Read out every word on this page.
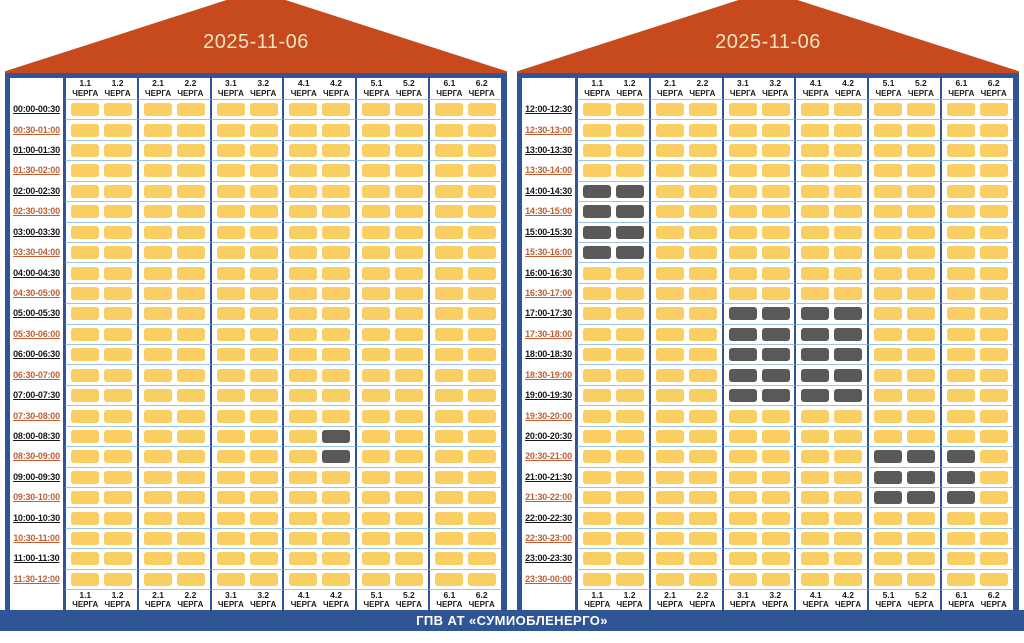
2025-11-06
1.1
ЧЕРГА
1.2
ЧЕРГА
2.1
ЧЕРГА
2.2
ЧЕРГА
3.1
ЧЕРГА
3.2
ЧЕРГА
4.1
ЧЕРГА
4.2
ЧЕРГА
5.1
ЧЕРГА
5.2
ЧЕРГА
6.1
ЧЕРГА
6.2
ЧЕРГА
00:00-00:30
00:30-01:00
01:00-01:30
01:30-02:00
02:00-02:30
02:30-03:00
03:00-03:30
03:30-04:00
04:00-04:30
04:30-05:00
05:00-05:30
05:30-06:00
06:00-06:30
06:30-07:00
07:00-07:30
07:30-08:00
08:00-08:30
08:30-09:00
09:00-09:30
09:30-10:00
10:00-10:30
10:30-11:00
11:00-11:30
11:30-12:00
1.1
ЧЕРГА
1.2
ЧЕРГА
2.1
ЧЕРГА
2.2
ЧЕРГА
3.1
ЧЕРГА
3.2
ЧЕРГА
4.1
ЧЕРГА
4.2
ЧЕРГА
5.1
ЧЕРГА
5.2
ЧЕРГА
6.1
ЧЕРГА
6.2
ЧЕРГА
2025-11-06
1.1
ЧЕРГА
1.2
ЧЕРГА
2.1
ЧЕРГА
2.2
ЧЕРГА
3.1
ЧЕРГА
3.2
ЧЕРГА
4.1
ЧЕРГА
4.2
ЧЕРГА
5.1
ЧЕРГА
5.2
ЧЕРГА
6.1
ЧЕРГА
6.2
ЧЕРГА
12:00-12:30
12:30-13:00
13:00-13:30
13:30-14:00
14:00-14:30
14:30-15:00
15:00-15:30
15:30-16:00
16:00-16:30
16:30-17:00
17:00-17:30
17:30-18:00
18:00-18:30
18:30-19:00
19:00-19:30
19:30-20:00
20:00-20:30
20:30-21:00
21:00-21:30
21:30-22:00
22:00-22:30
22:30-23:00
23:00-23:30
23:30-00:00
1.1
ЧЕРГА
1.2
ЧЕРГА
2.1
ЧЕРГА
2.2
ЧЕРГА
3.1
ЧЕРГА
3.2
ЧЕРГА
4.1
ЧЕРГА
4.2
ЧЕРГА
5.1
ЧЕРГА
5.2
ЧЕРГА
6.1
ЧЕРГА
6.2
ЧЕРГА
ГПВ АТ «СУМИОБЛЕНЕРГО»
